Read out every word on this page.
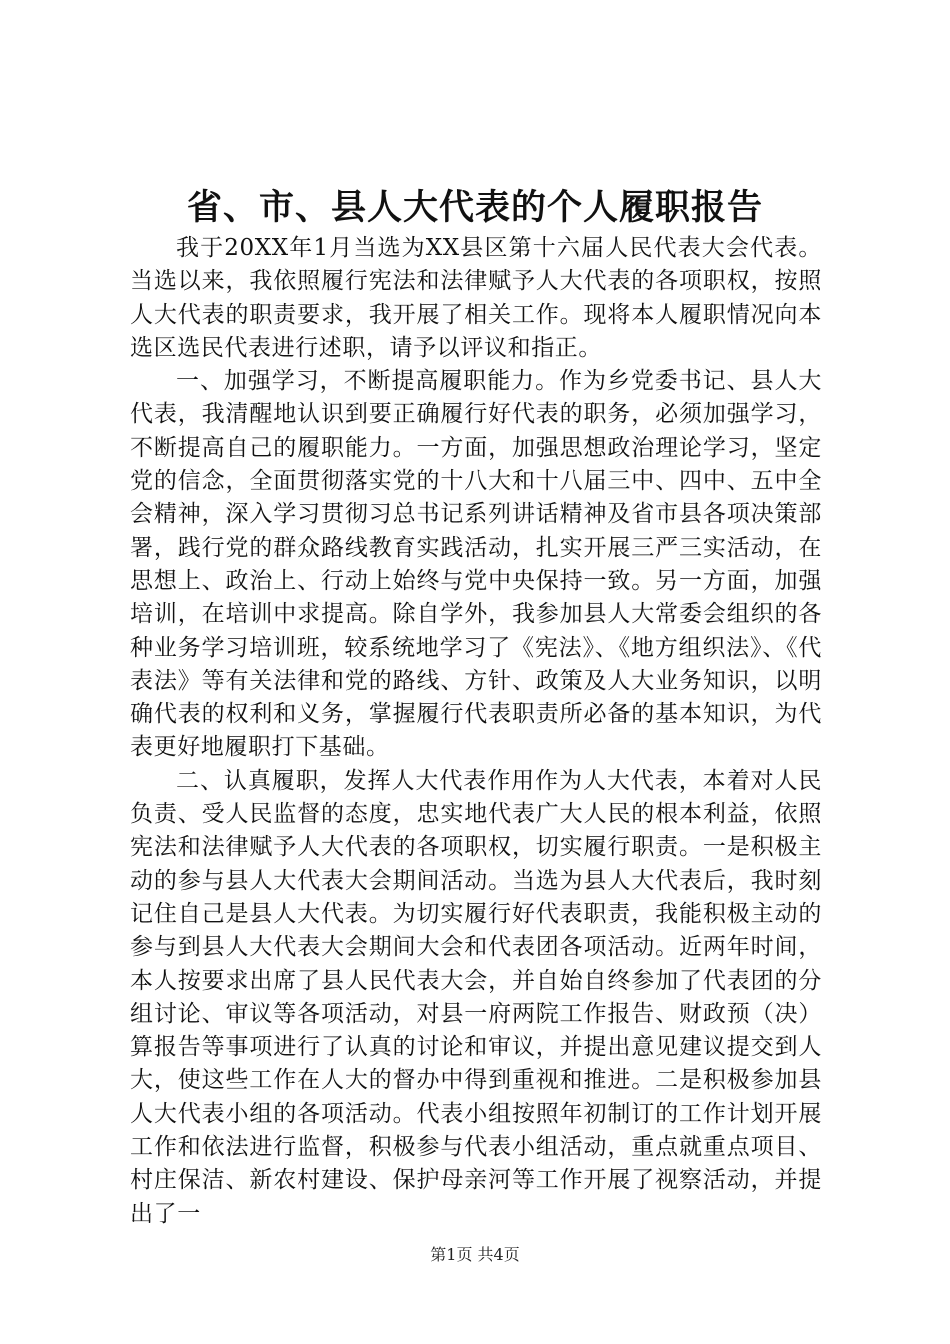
省、市、县人大代表的个人履职报告

我于20XX年1月当选为XX县区第十六届人民代表大会代表。当选以来，我依照履行宪法和法律赋予人大代表的各项职权，按照人大代表的职责要求，我开展了相关工作。现将本人履职情况向本选区选民代表进行述职，请予以评议和指正。

一、加强学习，不断提高履职能力。作为乡党委书记、县人大代表，我清醒地认识到要正确履行好代表的职务，必须加强学习，不断提高自己的履职能力。一方面，加强思想政治理论学习，坚定党的信念，全面贯彻落实党的十八大和十八届三中、四中、五中全会精神，深入学习贯彻习总书记系列讲话精神及省市县各项决策部署，践行党的群众路线教育实践活动，扎实开展三严三实活动，在思想上、政治上、行动上始终与党中央保持一致。另一方面，加强培训，在培训中求提高。除自学外，我参加县人大常委会组织的各种业务学习培训班，较系统地学习了《宪法》、《地方组织法》、《代表法》等有关法律和党的路线、方针、政策及人大业务知识，以明确代表的权利和义务，掌握履行代表职责所必备的基本知识，为代表更好地履职打下基础。

二、认真履职，发挥人大代表作用作为人大代表，本着对人民负责、受人民监督的态度，忠实地代表广大人民的根本利益，依照宪法和法律赋予人大代表的各项职权，切实履行职责。一是积极主动的参与县人大代表大会期间活动。当选为县人大代表后，我时刻记住自己是县人大代表。为切实履行好代表职责，我能积极主动的参与到县人大代表大会期间大会和代表团各项活动。近两年时间，本人按要求出席了县人民代表大会，并自始自终参加了代表团的分组讨论、审议等各项活动，对县一府两院工作报告、财政预（决）算报告等事项进行了认真的讨论和审议，并提出意见建议提交到人大，使这些工作在人大的督办中得到重视和推进。二是积极参加县人大代表小组的各项活动。代表小组按照年初制订的工作计划开展工作和依法进行监督，积极参与代表小组活动，重点就重点项目、村庄保洁、新农村建设、保护母亲河等工作开展了视察活动，并提出了一

第1页 共4页
